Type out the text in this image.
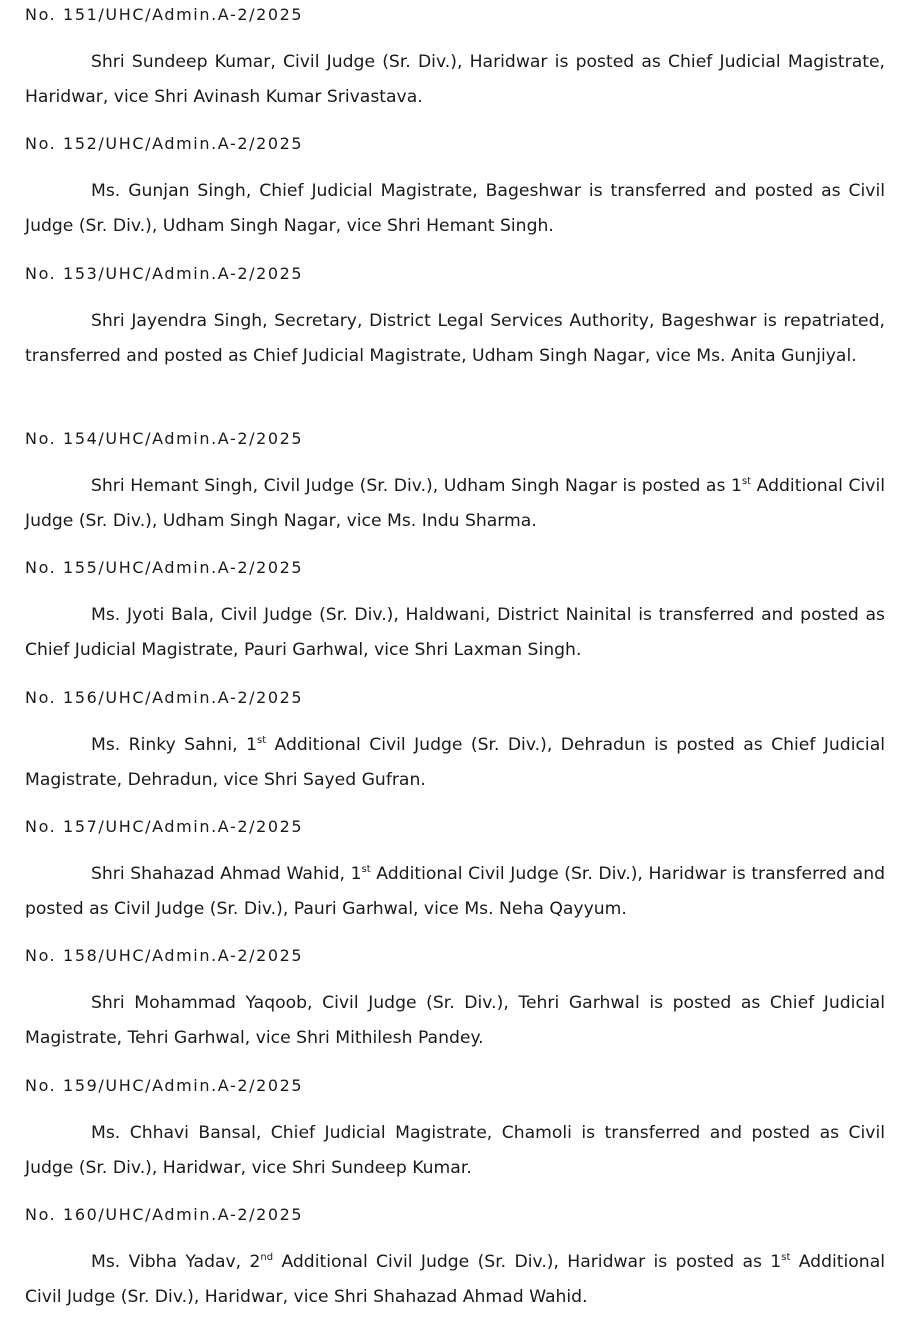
No. 151/UHC/Admin.A-2/2025

Shri Sundeep Kumar, Civil Judge (Sr. Div.), Haridwar is posted as Chief Judicial Magistrate, Haridwar, vice Shri Avinash Kumar Srivastava.

No. 152/UHC/Admin.A-2/2025

Ms. Gunjan Singh, Chief Judicial Magistrate, Bageshwar is transferred and posted as Civil Judge (Sr. Div.), Udham Singh Nagar, vice Shri Hemant Singh.

No. 153/UHC/Admin.A-2/2025

Shri Jayendra Singh, Secretary, District Legal Services Authority, Bageshwar is repatriated, transferred and posted as Chief Judicial Magistrate, Udham Singh Nagar, vice Ms. Anita Gunjiyal.

No. 154/UHC/Admin.A-2/2025

Shri Hemant Singh, Civil Judge (Sr. Div.), Udham Singh Nagar is posted as 1st Additional Civil Judge (Sr. Div.), Udham Singh Nagar, vice Ms. Indu Sharma.

No. 155/UHC/Admin.A-2/2025

Ms. Jyoti Bala, Civil Judge (Sr. Div.), Haldwani, District Nainital is transferred and posted as Chief Judicial Magistrate, Pauri Garhwal, vice Shri Laxman Singh.

No. 156/UHC/Admin.A-2/2025

Ms. Rinky Sahni, 1st Additional Civil Judge (Sr. Div.), Dehradun is posted as Chief Judicial Magistrate, Dehradun, vice Shri Sayed Gufran.

No. 157/UHC/Admin.A-2/2025

Shri Shahazad Ahmad Wahid, 1st Additional Civil Judge (Sr. Div.), Haridwar is transferred and posted as Civil Judge (Sr. Div.), Pauri Garhwal, vice Ms. Neha Qayyum.

No. 158/UHC/Admin.A-2/2025

Shri Mohammad Yaqoob, Civil Judge (Sr. Div.), Tehri Garhwal is posted as Chief Judicial Magistrate, Tehri Garhwal, vice Shri Mithilesh Pandey.

No. 159/UHC/Admin.A-2/2025

Ms. Chhavi Bansal, Chief Judicial Magistrate, Chamoli is transferred and posted as Civil Judge (Sr. Div.), Haridwar, vice Shri Sundeep Kumar.

No. 160/UHC/Admin.A-2/2025

Ms. Vibha Yadav, 2nd Additional Civil Judge (Sr. Div.), Haridwar is posted as 1st Additional Civil Judge (Sr. Div.), Haridwar, vice Shri Shahazad Ahmad Wahid.
